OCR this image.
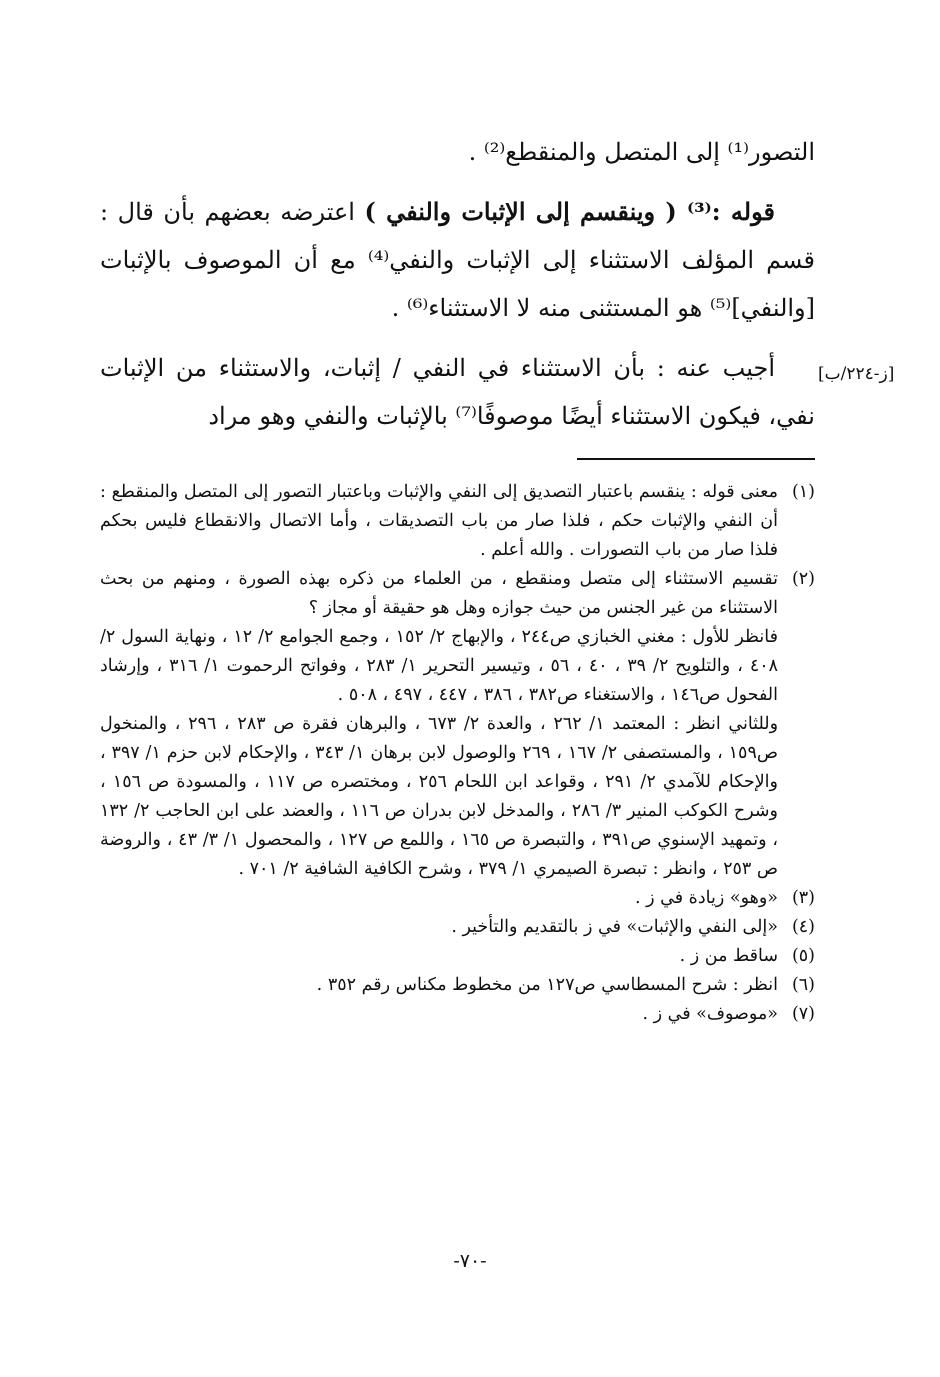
التصور⁽¹⁾ إلى المتصل والمنقطع⁽²⁾ .

قوله :⁽³⁾ ( وينقسم إلى الإثبات والنفي ) اعترضه بعضهم بأن قال : قسم المؤلف الاستثناء إلى الإثبات والنفي⁽⁴⁾ مع أن الموصوف بالإثبات [والنفي]⁽⁵⁾ هو المستثنى منه لا الاستثناء⁽⁶⁾ .

أجيب عنه : بأن الاستثناء في النفي / إثبات، والاستثناء من الإثبات نفي، فيكون الاستثناء أيضًا موصوفًا⁽⁷⁾ بالإثبات والنفي وهو مراد

[ز-٢٢٤/ب]
(١)
معنى قوله : ينقسم باعتبار التصديق إلى النفي والإثبات وباعتبار التصور إلى المتصل والمنقطع : أن النفي والإثبات حكم ، فلذا صار من باب التصديقات ، وأما الاتصال والانقطاع فليس بحكم فلذا صار من باب التصورات . والله أعلم .
(٢)
تقسيم الاستثناء إلى متصل ومنقطع ، من العلماء من ذكره بهذه الصورة ، ومنهم من بحث الاستثناء من غير الجنس من حيث جوازه وهل هو حقيقة أو مجاز ؟
فانظر للأول : مغني الخبازي ص٢٤٤ ، والإبهاج ٢/ ١٥٢ ، وجمع الجوامع ٢/ ١٢ ، ونهاية السول ٢/ ٤٠٨ ، والتلويح ٢/ ٣٩ ، ٤٠ ، ٥٦ ، وتيسير التحرير ١/ ٢٨٣ ، وفواتح الرحموت ١/ ٣١٦ ، وإرشاد الفحول ص١٤٦ ، والاستغناء ص٣٨٢ ، ٣٨٦ ، ٤٤٧ ، ٤٩٧ ، ٥٠٨ .
وللثاني انظر : المعتمد ١/ ٢٦٢ ، والعدة ٢/ ٦٧٣ ، والبرهان فقرة ص ٢٨٣ ، ٢٩٦ ، والمنخول ص١٥٩ ، والمستصفى ٢/ ١٦٧ ، ٢٦٩ والوصول لابن برهان ١/ ٣٤٣ ، والإحكام لابن حزم ١/ ٣٩٧ ، والإحكام للآمدي ٢/ ٢٩١ ، وقواعد ابن اللحام ٢٥٦ ، ومختصره ص ١١٧ ، والمسودة ص ١٥٦ ، وشرح الكوكب المنير ٣/ ٢٨٦ ، والمدخل لابن بدران ص ١١٦ ، والعضد على ابن الحاجب ٢/ ١٣٢ ، وتمهيد الإسنوي ص٣٩١ ، والتبصرة ص ١٦٥ ، واللمع ص ١٢٧ ، والمحصول ١/ ٣/ ٤٣ ، والروضة ص ٢٥٣ ، وانظر : تبصرة الصيمري ١/ ٣٧٩ ، وشرح الكافية الشافية ٢/ ٧٠١ .
(٣)
«وهو» زيادة في ز .
(٤)
«إلى النفي والإثبات» في ز بالتقديم والتأخير .
(٥)
ساقط من ز .
(٦)
انظر : شرح المسطاسي ص١٢٧ من مخطوط مكناس رقم ٣٥٢ .
(٧)
«موصوف» في ز .
-٧٠-
